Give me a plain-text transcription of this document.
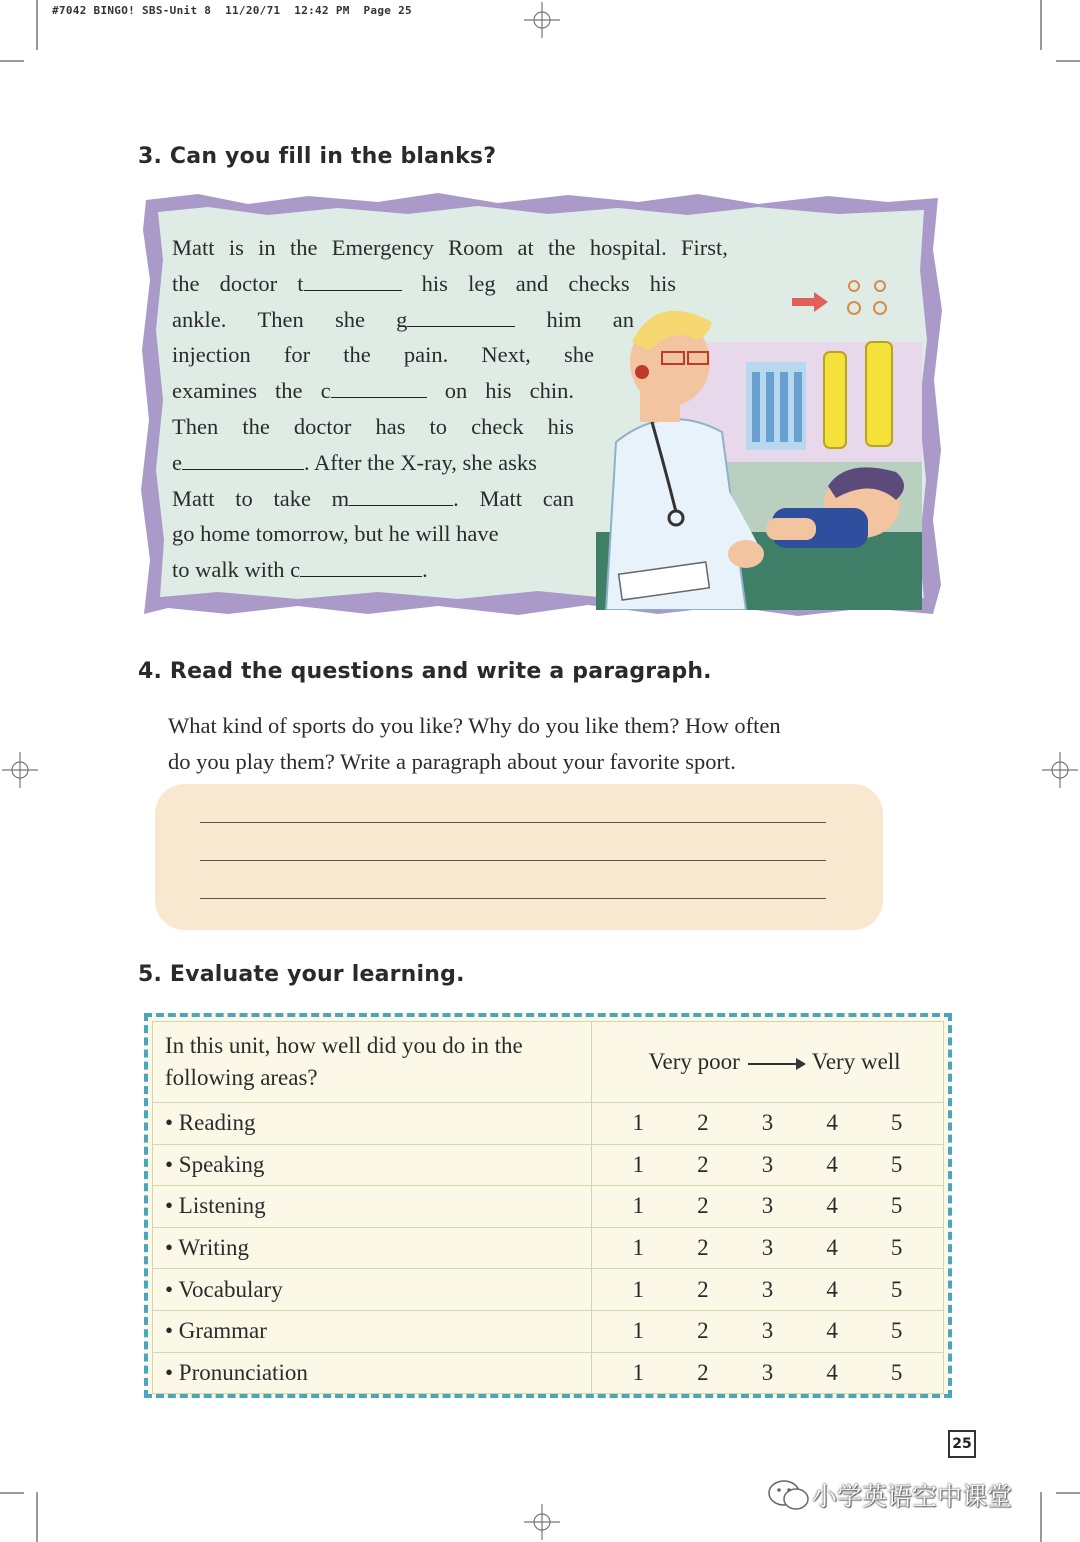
#7042 BINGO! SBS-Unit 8  11/20/71  12:42 PM  Page 25
3. Can you fill in the blanks?

Matt is in the Emergency Room at the hospital. First,

the doctor t	his leg and checks his

ankle. Then she g	him an

injection for the pain. Next, she

examines the c	on his chin.

Then the doctor has to check his

e	. After the X-ray, she asks

Matt to take m	. Matt can

go home tomorrow, but he will have

to walk with c	.

4. Read the questions and write a paragraph.

What kind of sports do you like? Why do you like them? How often

do you play them? Write a paragraph about your favorite sport.

5. Evaluate your learning.
In this unit, how well did you do in the
following areas?	Very poor Very well
• Reading	1 2 3 4 5

• Speaking	1 2 3 4 5

• Listening	1 2 3 4 5

• Writing	1 2 3 4 5

• Vocabulary	1 2 3 4 5

• Grammar	1 2 3 4 5

• Pronunciation	1 2 3 4 5
25
小学英语空中课堂
